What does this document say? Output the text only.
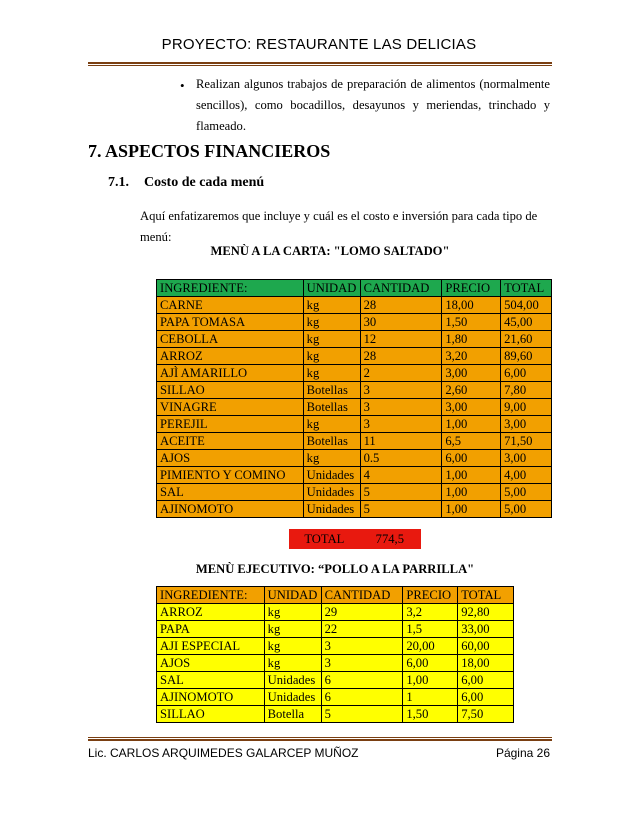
PROYECTO: RESTAURANTE LAS DELICIAS
• Realizan algunos trabajos de preparación de alimentos (normalmente
sencillos), como bocadillos, desayunos y meriendas, trinchado y
flameado.
7. ASPECTOS FINANCIEROS
7.1. Costo de cada menú
Aquí enfatizaremos que incluye y cuál es el costo e inversión para cada tipo de
menú:
MENÙ A LA CARTA: "LOMO SALTADO"
INGREDIENTE:	UNIDAD	CANTIDAD	PRECIO	TOTAL
CARNE	kg	28	18,00	504,00
PAPA TOMASA	kg	30	1,50	45,00
CEBOLLA	kg	12	1,80	21,60
ARROZ	kg	28	3,20	89,60
AJÌ AMARILLO	kg	2	3,00	6,00
SILLAO	Botellas	3	2,60	7,80
VINAGRE	Botellas	3	3,00	9,00
PEREJIL	kg	3	1,00	3,00
ACEITE	Botellas	11	6,5	71,50
AJOS	kg	0.5	6,00	3,00
PIMIENTO Y COMINO	Unidades	4	1,00	4,00
SAL	Unidades	5	1,00	5,00
AJINOMOTO	Unidades	5	1,00	5,00
TOTAL	774,5
MENÙ EJECUTIVO: “POLLO A LA PARRILLA"
INGREDIENTE:	UNIDAD	CANTIDAD	PRECIO	TOTAL
ARROZ	kg	29	3,2	92,80
PAPA	kg	22	1,5	33,00
AJI ESPECIAL	kg	3	20,00	60,00
AJOS	kg	3	6,00	18,00
SAL	Unidades	6	1,00	6,00
AJINOMOTO	Unidades	6	1	6,00
SILLAO	Botella	5	1,50	7,50
Lic. CARLOS ARQUIMEDES GALARCEP MUÑOZ	Página 26
